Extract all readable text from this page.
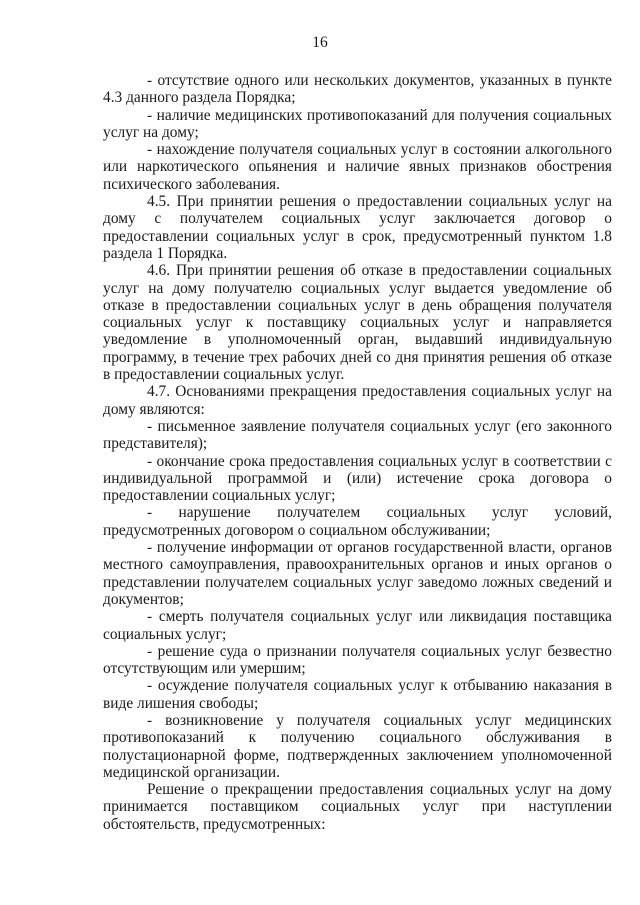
16

- отсутствие одного или нескольких документов, указанных в пункте 4.3 данного раздела Порядка;

- наличие медицинских противопоказаний для получения социальных услуг на дому;

- нахождение получателя социальных услуг в состоянии алкогольного или наркотического опьянения и наличие явных признаков обострения психического заболевания.

4.5. При принятии решения о предоставлении социальных услуг на дому с получателем социальных услуг заключается договор о предоставлении социальных услуг в срок, предусмотренный пунктом 1.8 раздела 1 Порядка.

4.6. При принятии решения об отказе в предоставлении социальных услуг на дому получателю социальных услуг выдается уведомление об отказе в предоставлении социальных услуг в день обращения получателя социальных услуг к поставщику социальных услуг и направляется уведомление в уполномоченный орган, выдавший индивидуальную программу, в течение трех рабочих дней со дня принятия решения об отказе в предоставлении социальных услуг.

4.7. Основаниями прекращения предоставления социальных услуг на дому являются:

- письменное заявление получателя социальных услуг (его законного представителя);

- окончание срока предоставления социальных услуг в соответствии с индивидуальной программой и (или) истечение срока договора о предоставлении социальных услуг;

- нарушение получателем социальных услуг условий, предусмотренных договором о социальном обслуживании;

- получение информации от органов государственной власти, органов местного самоуправления, правоохранительных органов и иных органов о представлении получателем социальных услуг заведомо ложных сведений и документов;

- смерть получателя социальных услуг или ликвидация поставщика социальных услуг;

- решение суда о признании получателя социальных услуг безвестно отсутствующим или умершим;

- осуждение получателя социальных услуг к отбыванию наказания в виде лишения свободы;

- возникновение у получателя социальных услуг медицинских противопоказаний к получению социального обслуживания в полустационарной форме, подтвержденных заключением уполномоченной медицинской организации.

Решение о прекращении предоставления социальных услуг на дому принимается поставщиком социальных услуг при наступлении обстоятельств, предусмотренных:
